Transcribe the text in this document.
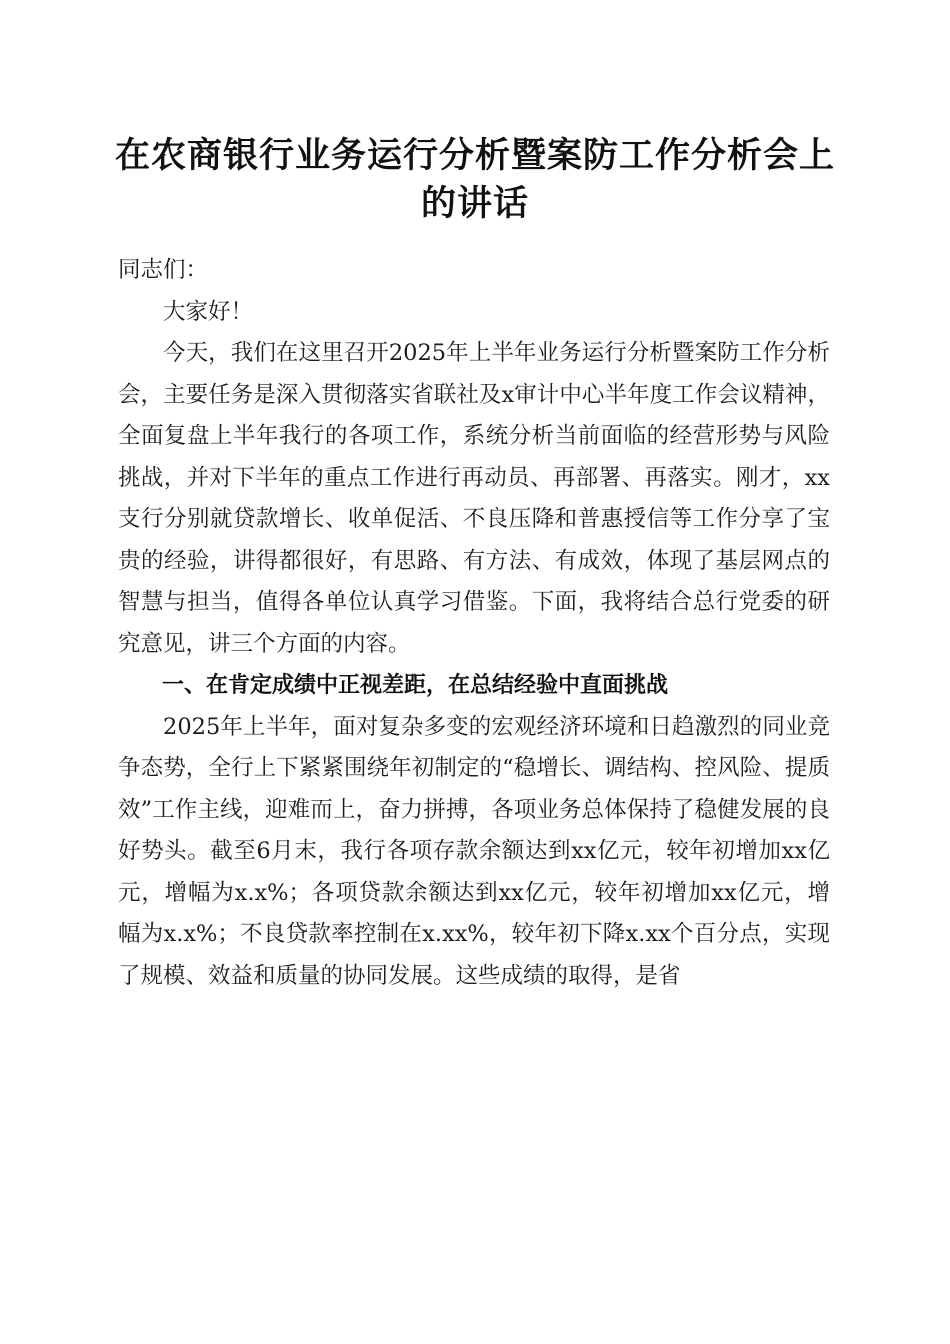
在农商银行业务运行分析暨案防工作分析会上的讲话

同志们：

大家好！

今天，我们在这里召开2025年上半年业务运行分析暨案防工作分析会，主要任务是深入贯彻落实省联社及x审计中心半年度工作会议精神，全面复盘上半年我行的各项工作，系统分析当前面临的经营形势与风险挑战，并对下半年的重点工作进行再动员、再部署、再落实。刚才，xx支行分别就贷款增长、收单促活、不良压降和普惠授信等工作分享了宝贵的经验，讲得都很好，有思路、有方法、有成效，体现了基层网点的智慧与担当，值得各单位认真学习借鉴。下面，我将结合总行党委的研究意见，讲三个方面的内容。

一、在肯定成绩中正视差距，在总结经验中直面挑战

2025年上半年，面对复杂多变的宏观经济环境和日趋激烈的同业竞争态势，全行上下紧紧围绕年初制定的“稳增长、调结构、控风险、提质效”工作主线，迎难而上，奋力拼搏，各项业务总体保持了稳健发展的良好势头。截至6月末，我行各项存款余额达到xx亿元，较年初增加xx亿元，增幅为x.x%；各项贷款余额达到xx亿元，较年初增加xx亿元，增幅为x.x%；不良贷款率控制在x.xx%，较年初下降x.xx个百分点，实现了规模、效益和质量的协同发展。这些成绩的取得，是省
